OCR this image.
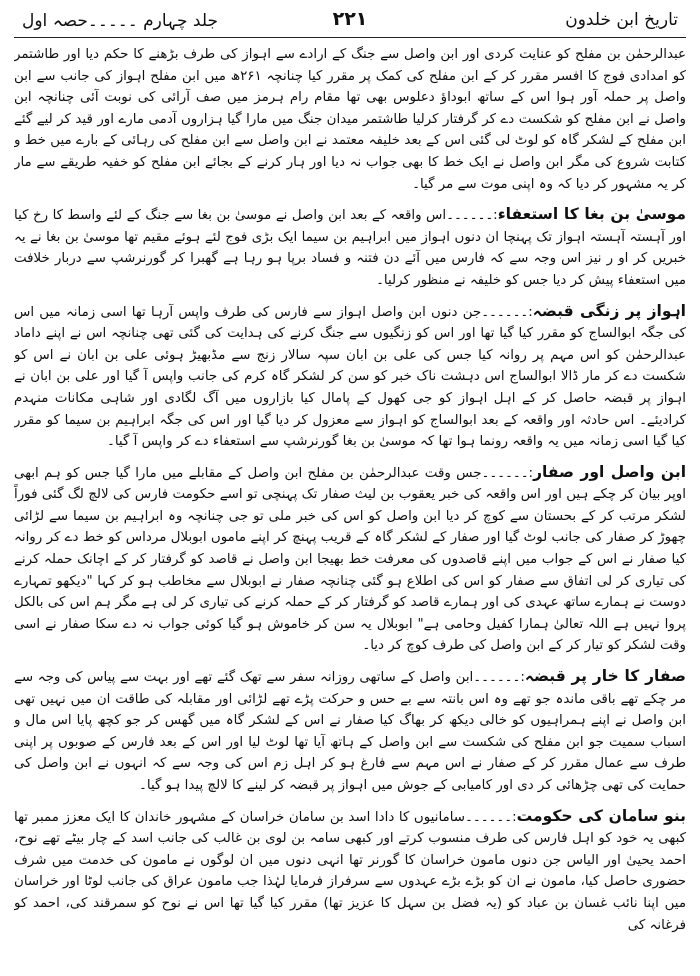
تاریخ ابن خلدون
۲۲۱
جلد چہارم ۔۔۔۔۔حصہ اول

عبدالرحمٰن بن مفلح کو عنایت کردی اور ابن واصل سے جنگ کے ارادے سے اہواز کی طرف بڑھنے کا حکم دیا اور طاشتمر کو امدادی فوج کا افسر مقرر کر کے ابن مفلح کی کمک پر مقرر کیا چنانچہ ۲۶۱ھ میں ابن مفلح اہواز کی جانب سے ابن واصل پر حملہ آور ہوا اس کے ساتھ ابوداؤ دعلوس بھی تھا مقام رام ہرمز میں صف آرائی کی نوبت آئی چنانچہ ابن واصل نے ابن مفلح کو شکست دے کر گرفتار کرلیا طاشتمر میدان جنگ میں مارا گیا ہزاروں آدمی مارے اور قید کر لیے گئے ابن مفلح کے لشکر گاہ کو لوٹ لی گئی اس کے بعد خلیفہ معتمد نے ابن واصل سے ابن مفلح کی رہائی کے بارے میں خط و کتابت شروع کی مگر ابن واصل نے ایک خط کا بھی جواب نہ دیا اور ہار کرنے کے بجائے ابن مفلح کو خفیہ طریقے سے مار کر یہ مشہور کر دیا کہ وہ اپنی موت سے مر گیا۔

موسیٰ بن بغا کا استعفاء:۔۔۔۔۔۔اس واقعہ کے بعد ابن واصل نے موسیٰ بن بغا سے جنگ کے لئے واسط کا رخ کیا اور آہستہ آہستہ اہواز تک پہنچا ان دنوں اہواز میں ابراہیم بن سیما ایک بڑی فوج لئے ہوئے مقیم تھا موسیٰ بن بغا نے یہ خبریں کر او ر نیز اس وجہ سے کہ فارس میں آئے دن فتنہ و فساد برپا ہو رہا ہے گھبرا کر گورنرشپ سے دربار خلافت میں استعفاء پیش کر دیا جس کو خلیفہ نے منظور کرلیا۔

اہواز پر زنگی قبضہ:۔۔۔۔۔۔جن دنوں ابن واصل اہواز سے فارس کی طرف واپس آرہا تھا اسی زمانہ میں اس کی جگہ ابوالساج کو مقرر کیا گیا تھا اور اس کو زنگیوں سے جنگ کرنے کی ہدایت کی گئی تھی چنانچہ اس نے اپنے داماد عبدالرحمٰن کو اس مہم پر روانہ کیا جس کی علی بن ابان سپہ سالار زنج سے مڈبھیڑ ہوئی علی بن ابان نے اس کو شکست دے کر مار ڈالا ابوالساج اس دہشت ناک خبر کو سن کر لشکر گاہ کرم کی جانب واپس آ گیا اور علی بن ابان نے اہواز پر قبضہ حاصل کر کے اہل اہواز کو جی کھول کے پامال کیا بازاروں میں آگ لگادی اور شاہی مکانات منہدم کرادیئے۔ اس حادثہ اور واقعہ کے بعد ابوالساج کو اہواز سے معزول کر دیا گیا اور اس کی جگہ ابراہیم بن سیما کو مقرر کیا گیا اسی زمانہ میں یہ واقعہ رونما ہوا تھا کہ موسیٰ بن بغا گورنرشپ سے استعفاء دے کر واپس آ گیا۔

ابن واصل اور صفار:۔۔۔۔۔۔جس وقت عبدالرحمٰن بن مفلح ابن واصل کے مقابلے میں مارا گیا جس کو ہم ابھی اوپر بیان کر چکے ہیں اور اس واقعہ کی خبر یعقوب بن لیث صفار تک پہنچی تو اسے حکومت فارس کی لالچ لگ گئی فوراً لشکر مرتب کر کے بحستان سے کوچ کر دیا ابن واصل کو اس کی خبر ملی تو جی چنانچہ وہ ابراہیم بن سیما سے لڑائی چھوڑ کر صفار کی جانب لوٹ گیا اور صفار کے لشکر گاہ کے قریب پہنچ کر اپنے ماموں ابوبلال مرداس کو خط دے کر روانہ کیا صفار نے اس کے جواب میں اپنے قاصدوں کی معرفت خط بھیجا ابن واصل نے قاصد کو گرفتار کر کے اچانک حملہ کرنے کی تیاری کر لی اتفاق سے صفار کو اس کی اطلاع ہو گئی چنانچہ صفار نے ابوبلال سے مخاطب ہو کر کہا "دیکھو تمہارے دوست نے ہمارے ساتھ عہدی کی اور ہمارے قاصد کو گرفتار کر کے حملہ کرنے کی تیاری کر لی ہے مگر ہم اس کی بالکل پروا نہیں ہے اللہ تعالیٰ ہمارا کفیل وحامی ہے" ابوبلال یہ سن کر خاموش ہو گیا کوئی جواب نہ دے سکا صفار نے اسی وقت لشکر کو تیار کر کے ابن واصل کی طرف کوچ کر دیا۔

صفار کا خار پر قبضہ:۔۔۔۔۔۔ابن واصل کے ساتھی روزانہ سفر سے تھک گئے تھے اور بہت سے پیاس کی وجہ سے مر چکے تھے باقی ماندہ جو تھے وہ اس بانتہ سے بے حس و حرکت پڑے تھے لڑائی اور مقابلہ کی طاقت ان میں نہیں تھی ابن واصل نے اپنے ہمراہیوں کو خالی دیکھ کر بھاگ کیا صفار نے اس کے لشکر گاہ میں گھس کر جو کچھ پایا اس مال و اسباب سمیت جو ابن مفلح کی شکست سے ابن واصل کے ہاتھ آیا تھا لوٹ لیا اور اس کے بعد فارس کے صوبوں پر اپنی طرف سے عمال مقرر کر کے صفار نے اس مہم سے فارغ ہو کر اہل زم اس کی وجہ سے کہ انہوں نے ابن واصل کی حمایت کی تھی چڑھائی کر دی اور کامیابی کے جوش میں اہواز پر قبضہ کر لینے کا لالچ پیدا ہو گیا۔

بنو سامان کی حکومت:۔۔۔۔۔۔سامانیوں کا دادا اسد بن سامان خراسان کے مشہور خاندان کا ایک معزز ممبر تھا کبھی یہ خود کو اہل فارس کی طرف منسوب کرتے اور کبھی سامہ بن لوی بن غالب کی جانب اسد کے چار بیٹے تھے نوح، احمد یحییٰ اور الیاس جن دنوں مامون خراسان کا گورنر تھا انہی دنوں میں ان لوگوں نے مامون کی خدمت میں شرف حضوری حاصل کیا، مامون نے ان کو بڑے بڑے عہدوں سے سرفراز فرمایا لہٰذا جب مامون عراق کی جانب لوٹا اور خراسان میں اپنا نائب غسان بن عباد کو (یہ فضل بن سہل کا عزیز تھا) مقرر کیا گیا تھا اس نے نوح کو سمرقند کی، احمد کو فرغانہ کی
